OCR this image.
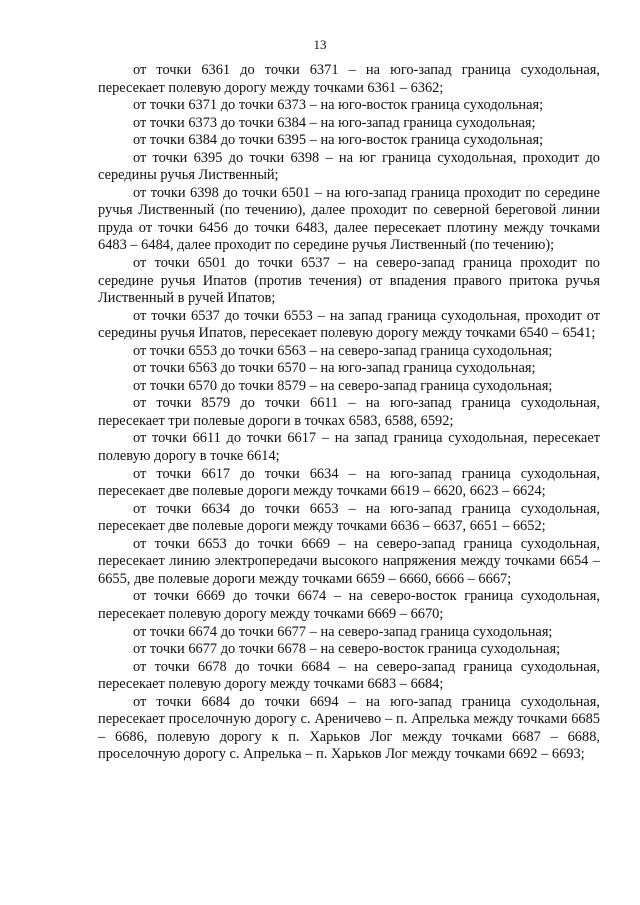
13

от точки 6361 до точки 6371 – на юго-запад граница суходольная, пересекает полевую дорогу между точками 6361 – 6362;

от точки 6371 до точки 6373 – на юго-восток граница суходольная;

от точки 6373 до точки 6384 – на юго-запад граница суходольная;

от точки 6384 до точки 6395 – на юго-восток граница суходольная;

от точки 6395 до точки 6398 – на юг граница суходольная, проходит до середины ручья Лиственный;

от точки 6398 до точки 6501 – на юго-запад граница проходит по середине ручья Лиственный (по течению), далее проходит по северной береговой линии пруда от точки 6456 до точки 6483, далее пересекает плотину между точками 6483 – 6484, далее проходит по середине ручья Лиственный (по течению);

от точки 6501 до точки 6537 – на северо-запад граница проходит по середине ручья Ипатов (против течения) от впадения правого притока ручья Лиственный в ручей Ипатов;

от точки 6537 до точки 6553 – на запад граница суходольная, проходит от середины ручья Ипатов, пересекает полевую дорогу между точками 6540 – 6541;

от точки 6553 до точки 6563 – на северо-запад граница суходольная;

от точки 6563 до точки 6570 – на юго-запад граница суходольная;

от точки 6570 до точки 8579 – на северо-запад граница суходольная;

от точки 8579 до точки 6611 – на юго-запад граница суходольная, пересекает три полевые дороги в точках 6583, 6588, 6592;

от точки 6611 до точки 6617 – на запад граница суходольная, пересекает полевую дорогу в точке 6614;

от точки 6617 до точки 6634 – на юго-запад граница суходольная, пересекает две полевые дороги между точками 6619 – 6620, 6623 – 6624;

от точки 6634 до точки 6653 – на юго-запад граница суходольная, пересекает две полевые дороги между точками 6636 – 6637, 6651 – 6652;

от точки 6653 до точки 6669 – на северо-запад граница суходольная, пересекает линию электропередачи высокого напряжения между точками 6654 – 6655, две полевые дороги между точками 6659 – 6660, 6666 – 6667;

от точки 6669 до точки 6674 – на северо-восток граница суходольная, пересекает полевую дорогу между точками 6669 – 6670;

от точки 6674 до точки 6677 – на северо-запад граница суходольная;

от точки 6677 до точки 6678 – на северо-восток граница суходольная;

от точки 6678 до точки 6684 – на северо-запад граница суходольная, пересекает полевую дорогу между точками 6683 – 6684;

от точки 6684 до точки 6694 – на юго-запад граница суходольная, пересекает проселочную дорогу с. Ареничево – п. Апрелька между точками 6685 – 6686, полевую дорогу к п. Харьков Лог между точками 6687 – 6688, проселочную дорогу с. Апрелька – п. Харьков Лог между точками 6692 – 6693;
